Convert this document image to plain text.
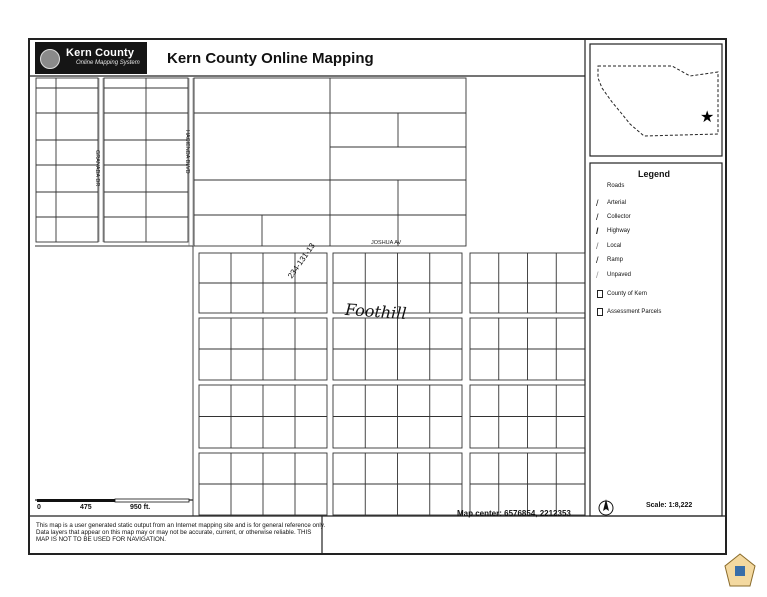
Kern County
Online Mapping System Kern County Online Mapping
JOSHUA AV
GRANADA DR	HACIENDA BLVD
234-131-13
Foothill
★
Legend
Roads
/ Arterial
/ Collector
/ Highway
/ Local
/ Ramp
/ Unpaved
County of Kern
Assessment Parcels
0	475	950 ft.
Map center: 6576854, 2212353
Scale: 1:8,222
This map is a user generated static output from an Internet mapping site and is for general reference only. Data layers that appear on this map may or may not be accurate, current, or otherwise reliable. THIS MAP IS NOT TO BE USED FOR NAVIGATION.
